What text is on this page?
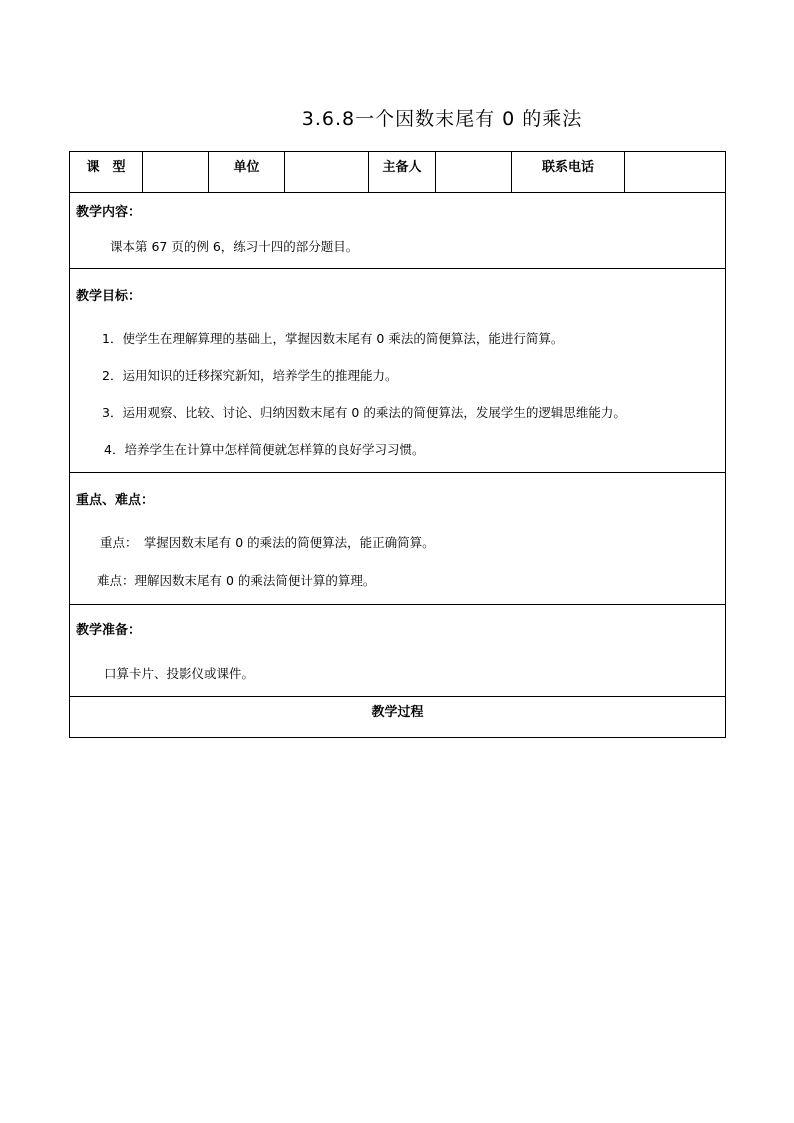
3.6.8一个因数末尾有 0 的乘法
课　型		单位		主备人		联系电话	

教学内容：
课本第 67 页的例 6，练习十四的部分题目。

教学目标：
1．使学生在理解算理的基础上，掌握因数末尾有 0 乘法的简便算法，能进行简算。
2．运用知识的迁移探究新知，培养学生的推理能力。
3．运用观察、比较、讨论、归纳因数末尾有 0 的乘法的简便算法，发展学生的逻辑思维能力。
4．培养学生在计算中怎样简便就怎样算的良好学习习惯。

重点、难点：
重点：　掌握因数末尾有 0 的乘法的简便算法，能正确简算。
难点：理解因数末尾有 0 的乘法简便计算的算理。

教学准备：
口算卡片、投影仪或课件。

教学过程
